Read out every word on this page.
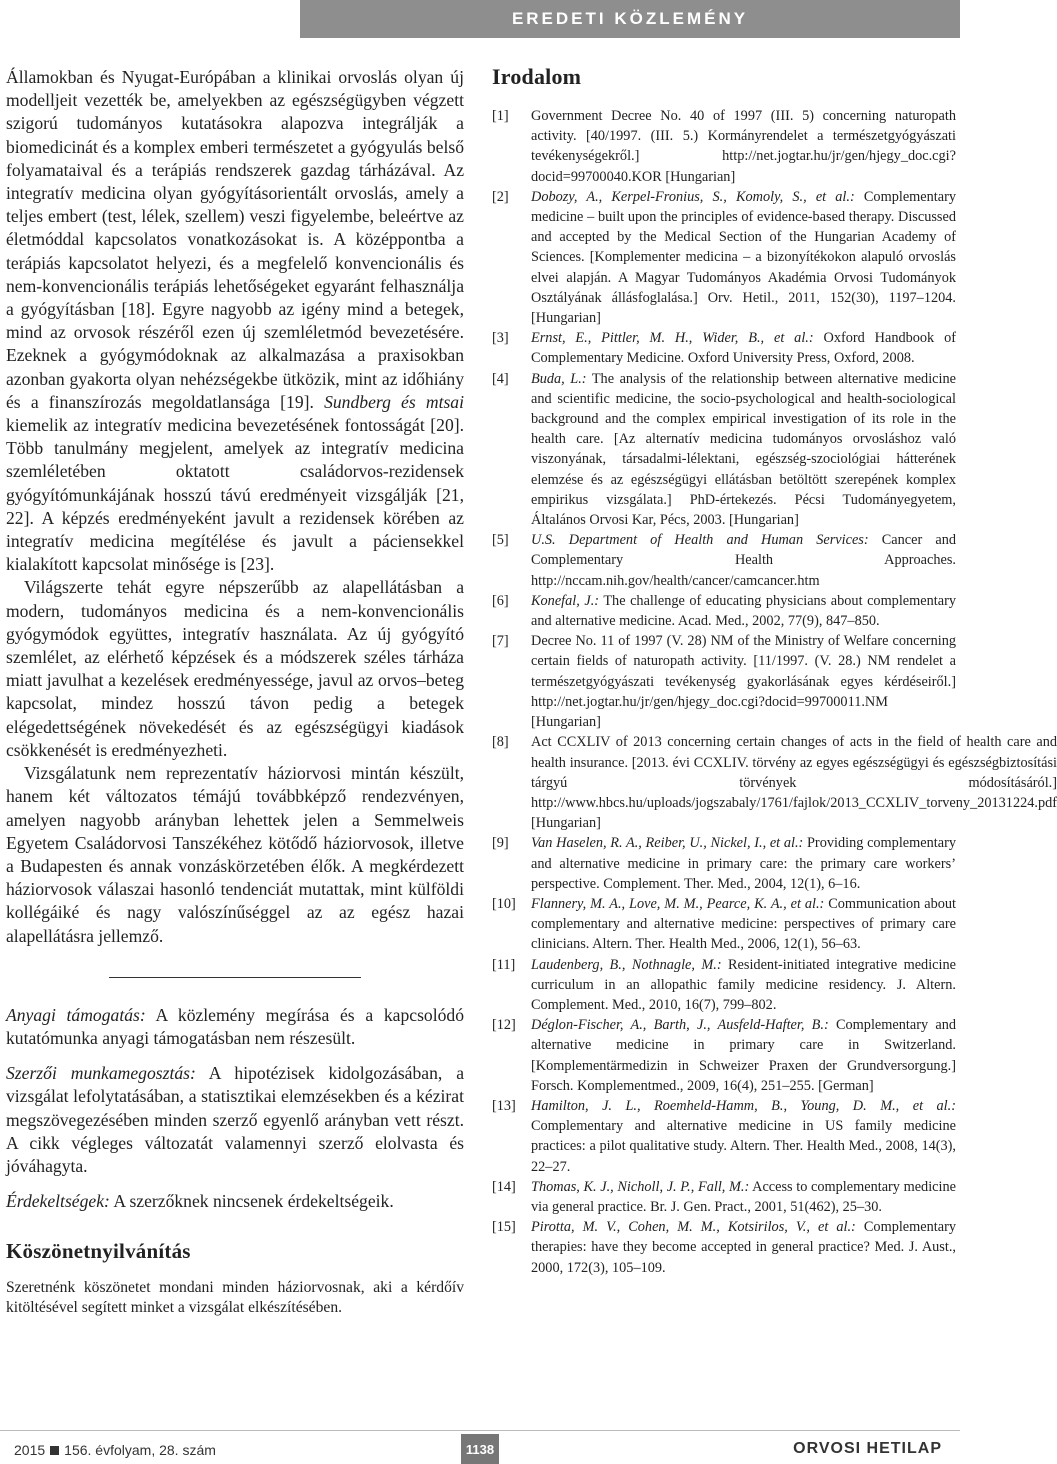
EREDETI KÖZLEMÉNY

Államokban és Nyugat-Európában a klinikai orvoslás olyan új modelljeit vezették be, amelyekben az egészségügyben végzett szigorú tudományos kutatásokra alapozva integrálják a biomedicinát és a komplex emberi természetet a gyógyulás belső folyamataival és a terápiás rendszerek gazdag tárházával. Az integratív medicina olyan gyógyításorientált orvoslás, amely a teljes embert (test, lélek, szellem) veszi figyelembe, beleértve az életmóddal kapcsolatos vonatkozásokat is. A középpontba a terápiás kapcsolatot helyezi, és a megfelelő konvencionális és nem-konvencionális terápiás lehetőségeket egyaránt felhasználja a gyógyításban [18]. Egyre nagyobb az igény mind a betegek, mind az orvosok részéről ezen új szemléletmód bevezetésére. Ezeknek a gyógymódoknak az alkalmazása a praxisokban azonban gyakorta olyan nehézségekbe ütközik, mint az időhiány és a finanszírozás megoldatlansága [19]. Sundberg és mtsai kiemelik az integratív medicina bevezetésének fontosságát [20]. Több tanulmány megjelent, amelyek az integratív medicina szemléletében oktatott családorvos-rezidensek gyógyítómunkájának hosszú távú eredményeit vizsgálják [21, 22]. A képzés eredményeként javult a rezidensek körében az integratív medicina megítélése és javult a páciensekkel kialakított kapcsolat minősége is [23].

Világszerte tehát egyre népszerűbb az alapellátásban a modern, tudományos medicina és a nem-konvencionális gyógymódok együttes, integratív használata. Az új gyógyító szemlélet, az elérhető képzések és a módszerek széles tárháza miatt javulhat a kezelések eredményessége, javul az orvos–beteg kapcsolat, mindez hosszú távon pedig a betegek elégedettségének növekedését és az egészségügyi kiadások csökkenését is eredményezheti.

Vizsgálatunk nem reprezentatív háziorvosi mintán készült, hanem két változatos témájú továbbképző rendezvényen, amelyen nagyobb arányban lehettek jelen a Semmelweis Egyetem Családorvosi Tanszékéhez kötődő háziorvosok, illetve a Budapesten és annak vonzáskörzetében élők. A megkérdezett háziorvosok válaszai hasonló tendenciát mutattak, mint külföldi kollégáiké és nagy valószínűséggel az az egész hazai alapellátásra jellemző.

Anyagi támogatás: A közlemény megírása és a kapcsolódó kutatómunka anyagi támogatásban nem részesült.

Szerzői munkamegosztás: A hipotézisek kidolgozásában, a vizsgálat lefolytatásában, a statisztikai elemzésekben és a kézirat megszövegezésében minden szerző egyenlő arányban vett részt. A cikk végleges változatát valamennyi szerző elolvasta és jóváhagyta.

Érdekeltségek: A szerzőknek nincsenek érdekeltségeik.

Köszönetnyilvánítás

Szeretnénk köszönetet mondani minden háziorvosnak, aki a kérdőív kitöltésével segített minket a vizsgálat elkészítésében.

Irodalom
[1]	Government Decree No. 40 of 1997 (III. 5) concerning naturopath activity. [40/1997. (III. 5.) Kormányrendelet a természetgyógyászati tevékenységekről.] http://net.jogtar.hu/jr/gen/hjegy_doc.cgi?docid=99700040.KOR [Hungarian]
[2]	Dobozy, A., Kerpel-Fronius, S., Komoly, S., et al.: Complementary medicine – built upon the principles of evidence-based therapy. Discussed and accepted by the Medical Section of the Hungarian Academy of Sciences. [Komplementer medicina – a bizonyítékokon alapuló orvoslás elvei alapján. A Magyar Tudományos Akadémia Orvosi Tudományok Osztályának állásfoglalása.] Orv. Hetil., 2011, 152(30), 1197–1204. [Hungarian]
[3]	Ernst, E., Pittler, M. H., Wider, B., et al.: Oxford Handbook of Complementary Medicine. Oxford University Press, Oxford, 2008.
[4]	Buda, L.: The analysis of the relationship between alternative medicine and scientific medicine, the socio-psychological and health-sociological background and the complex empirical investigation of its role in the health care. [Az alternatív medicina tudományos orvosláshoz való viszonyának, társadalmi-lélektani, egészség-szociológiai hátterének elemzése és az egészségügyi ellátásban betöltött szerepének komplex empirikus vizsgálata.] PhD-értekezés. Pécsi Tudományegyetem, Általános Orvosi Kar, Pécs, 2003. [Hungarian]
[5]	U.S. Department of Health and Human Services: Cancer and Complementary Health Approaches. http://nccam.nih.gov/health/cancer/camcancer.htm
[6]	Konefal, J.: The challenge of educating physicians about complementary and alternative medicine. Acad. Med., 2002, 77(9), 847–850.
[7]	Decree No. 11 of 1997 (V. 28) NM of the Ministry of Welfare concerning certain fields of naturopath activity. [11/1997. (V. 28.) NM rendelet a természetgyógyászati tevékenység gyakorlásának egyes kérdéseiről.] http://net.jogtar.hu/jr/gen/hjegy_doc.cgi?docid=99700011.NM [Hungarian]
[8]	Act CCXLIV of 2013 concerning certain changes of acts in the field of health care and health insurance. [2013. évi CCXLIV. törvény az egyes egészségügyi és egészségbiztosítási tárgyú törvények módosításáról.] http://www.hbcs.hu/uploads/jogszabaly/1761/fajlok/2013_CCXLIV_torveny_20131224.pdf [Hungarian]
[9]	Van Haselen, R. A., Reiber, U., Nickel, I., et al.: Providing complementary and alternative medicine in primary care: the primary care workers’ perspective. Complement. Ther. Med., 2004, 12(1), 6–16.
[10]	Flannery, M. A., Love, M. M., Pearce, K. A., et al.: Communication about complementary and alternative medicine: perspectives of primary care clinicians. Altern. Ther. Health Med., 2006, 12(1), 56–63.
[11]	Laudenberg, B., Nothnagle, M.: Resident-initiated integrative medicine curriculum in an allopathic family medicine residency. J. Altern. Complement. Med., 2010, 16(7), 799–802.
[12]	Déglon-Fischer, A., Barth, J., Ausfeld-Hafter, B.: Complementary and alternative medicine in primary care in Switzerland. [Komplementärmedizin in Schweizer Praxen der Grundversorgung.] Forsch. Komplementmed., 2009, 16(4), 251–255. [German]
[13]	Hamilton, J. L., Roemheld-Hamm, B., Young, D. M., et al.: Complementary and alternative medicine in US family medicine practices: a pilot qualitative study. Altern. Ther. Health Med., 2008, 14(3), 22–27.
[14]	Thomas, K. J., Nicholl, J. P., Fall, M.: Access to complementary medicine via general practice. Br. J. Gen. Pract., 2001, 51(462), 25–30.
[15]	Pirotta, M. V., Cohen, M. M., Kotsirilos, V., et al.: Complementary therapies: have they become accepted in general practice? Med. J. Aust., 2000, 172(3), 105–109.
2015 156. évfolyam, 28. szám	1138	ORVOSI HETILAP
